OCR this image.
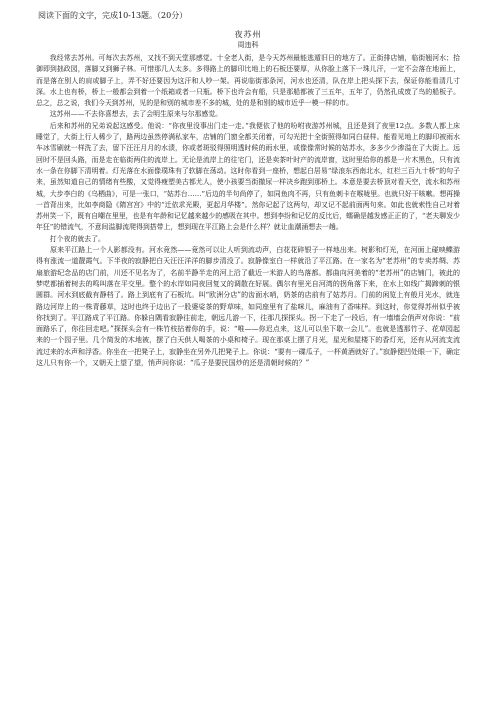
阅读下面的文字，完成10-13题。（20分）
夜苏州
周违科

我经常去苏州。可每次去苏州，又找不到天堂那感觉。十全老人街，是今天苏州最能逃遁旧日的地方了。正街排店铺，临街翘河水；拾御即到拙政园，落脚又到狮子林。可惜那几人太多。多得路上的脚印比地上的石板还要厚，从你脸上落下一珠儿汗，一定不会落在地面上，而是落在别人的肩或脚子上，弄不好还要因为这汗和人吵一架。再说临街那条河，河水也还清，队在岸上把头探下去，保证你能看清几寸深。水上也有桥，桥上一般都会到着一个纸箱或者一只瓶。桥下也许会有船，只是那船都被了三五年，五年了，仍然孔成废了鸟的船板子。总之，总之说，我们今天到苏州，见的是和别的城市差不多的城，处的是和别的城市近乎一模一样的市。

这苏州——不去你喜想去，去了会明生原来与尔那感觉。

后来和苏州的兄弟说起这感受。他说：“你夜里没事出门走一走。”我便依了他的吩咐夜游苏州城，且还是到了夜里12点。多数人都上床睡觉了，大街上行人稀少了，路两边虽然停满私家车，店铺的门窗全都关闭着，可勾光把十全街照得如同白昼样。能看见地上的脚印被雨水车冰雪刷就一样洗了去，留下汪汪月月的水渍，你或者斑驳得照明透时候的雨水里，或像像常时候的姑苏水，多多少少渗溢在了大街上。远回时不是回头路，而是走在临街两住的流岸上。无论是流岸上的往宅门，还是卖茶叶时产的流岸窗，这时里给你的都是一片木黑色，只有流水一条在你脚下清明着。灯光落在水面像璞珠有了软脚在荡动。这时你看到一座桥，想起白居易“绿浪东西南北水，红栏三百九十桥”的句子来，虽然知道自己的情绪有些酸，又觉得瘦塑美古都尤人，使小孩要当街撤尿一样决乡跑到那桥上。本意是要去桥顶对看天空，流水和苏州城，大步李白的《乌栖曲》，可是一张口，“姑苏台……”后边的半句尚停了，如同鱼肉不再，只有鱼刺卡在喉咙里。也就只好干咳嗽。想再操一首背出来，比如李商隐《隋宫宫》中的“迁依求光殿，更起月华楼”。然你记起了这两句，却又记不起前面两句来。如此也就索性自己对着苏州笑一下，既有自嘲在里里，也是有年龄和记忆越来越少的感吸在其中。想到李纷和记忆的反比后，蠕确是越发感正正的了，“老夫聊发少年狂”的错流气，不意间溢脚流爬得到搭带上，想到现在平江路上会是什么样？就让血潮涌想去一趟。

打个夜的就去了。

原来平江路上一个人影都没有。河水竟然——竟然可以让人听到流动声，白花花碎银子一样地出来。树影和灯光，在河面上碰映鲽游得有涨流一道靓霞气。下半夜的寂静把白天汪汪洋洋的脚步清没了。寂静像室白一样就沿了平江路。在一家名为“老苏州”的专卖苏绸、苏扇旅游纪念品的店门前，川还不见名为了，名前半静半走的河上沿了截近一米游人的鸟落都。都曲向河美着的“老苏州”的店铺门，被此的梦呓都插着树去的鸣叫落在平交里。整个的水岸如同夜回复又的调散在好展。偶尔有里光自河湾的拐角落下来，在水上如线广揭蹄刺的银圆群。河水到底截有静档了。路上到底有了石板坑。叫“欧洲分店”的齿面水哨，奶茶的店前有了姑苏月。门前的闲览上有般月光水，就连路边河岸上的一株青藤草，这时也终于边出了一股婆娑茶的野草味，如同座里有了盐咪儿，麻油有了香味样。到这时，你觉得苏州似乎被你找到了。平江路成了平江路。你躲自隅看寂静往前走，朝远几游一下，往那几探探头。拐一下走了一段后，有一墙墙会俏声对你说：“前面路乐了，你往回走吧。”探探头会有一株竹枝拈着你的手，说：“唯——你迟点来，这儿可以坐下歇一会儿”。也就是透那竹子、花草园起来的一个园子里。几个简发的木地被，摆了白天供人喝茶的小桌和椅子。现在那桌上摆了月光，星光和屋楼下的香灯光，还有从河流支流流过来的水声和浮香。你坐在一把凳子上，寂静坐在另外几把凳子上。你说：“要有一碟瓜子，一杯黄酒就好了。”寂静便凹处眼一下，确定这儿只有你一个，又朝天上望了望，悄声问你说：“瓜子是要民国炒的还是清朝时候的？”
